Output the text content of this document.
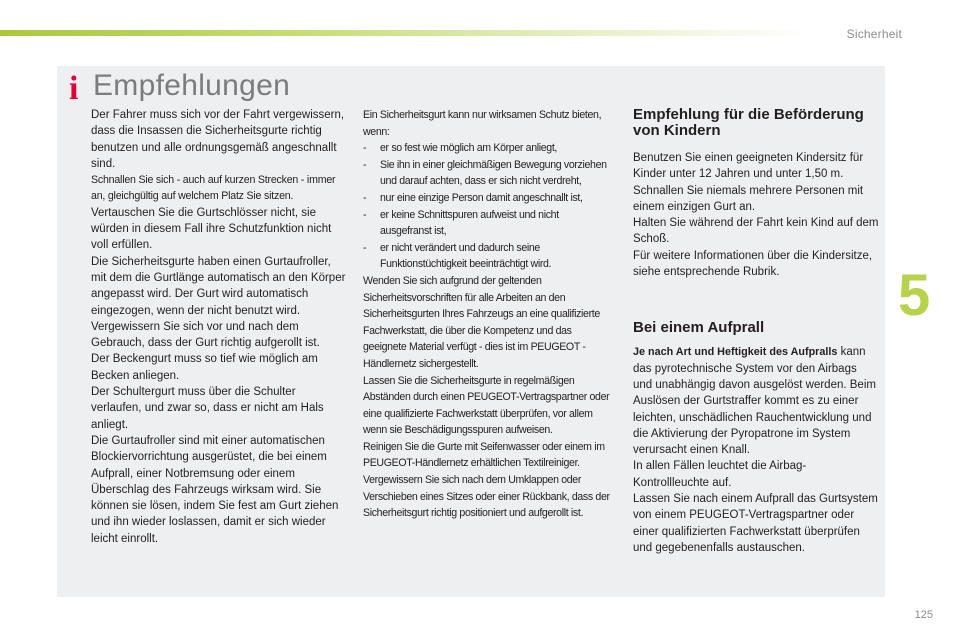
Sicherheit
5
i Empfehlungen

Der Fahrer muss sich vor der Fahrt vergewissern, dass die Insassen die Sicherheitsgurte richtig benutzen und alle ordnungsgemäß angeschnallt sind.

Schnallen Sie sich - auch auf kurzen Strecken - immer an, gleichgültig auf welchem Platz Sie sitzen.

Vertauschen Sie die Gurtschlösser nicht, sie würden in diesem Fall ihre Schutzfunktion nicht voll erfüllen.

Die Sicherheitsgurte haben einen Gurtaufroller, mit dem die Gurtlänge automatisch an den Körper angepasst wird. Der Gurt wird automatisch eingezogen, wenn der nicht benutzt wird.

Vergewissern Sie sich vor und nach dem Gebrauch, dass der Gurt richtig aufgerollt ist.

Der Beckengurt muss so tief wie möglich am Becken anliegen.

Der Schultergurt muss über die Schulter verlaufen, und zwar so, dass er nicht am Hals anliegt.

Die Gurtaufroller sind mit einer automatischen Blockiervorrichtung ausgerüstet, die bei einem Aufprall, einer Notbremsung oder einem Überschlag des Fahrzeugs wirksam wird. Sie können sie lösen, indem Sie fest am Gurt ziehen und ihn wieder loslassen, damit er sich wieder leicht einrollt.

Ein Sicherheitsgurt kann nur wirksamen Schutz bieten, wenn:

- er so fest wie möglich am Körper anliegt,
- Sie ihn in einer gleichmäßigen Bewegung vorziehen und darauf achten, dass er sich nicht verdreht,
- nur eine einzige Person damit angeschnallt ist,
- er keine Schnittspuren aufweist und nicht ausgefranst ist,
- er nicht verändert und dadurch seine Funktionstüchtigkeit beeinträchtigt wird.

Wenden Sie sich aufgrund der geltenden Sicherheitsvorschriften für alle Arbeiten an den Sicherheitsgurten Ihres Fahrzeugs an eine qualifizierte Fachwerkstatt, die über die Kompetenz und das geeignete Material verfügt - dies ist im PEUGEOT -Händlernetz sichergestellt.

Lassen Sie die Sicherheitsgurte in regelmäßigen Abständen durch einen PEUGEOT-Vertragspartner oder eine qualifizierte Fachwerkstatt überprüfen, vor allem wenn sie Beschädigungsspuren aufweisen.

Reinigen Sie die Gurte mit Seifenwasser oder einem im PEUGEOT-Händlernetz erhältlichen Textilreiniger.

Vergewissern Sie sich nach dem Umklappen oder Verschieben eines Sitzes oder einer Rückbank, dass der Sicherheitsgurt richtig positioniert und aufgerollt ist.

Empfehlung für die Beförderung von Kindern

Benutzen Sie einen geeigneten Kindersitz für Kinder unter 12 Jahren und unter 1,50 m.

Schnallen Sie niemals mehrere Personen mit einem einzigen Gurt an.

Halten Sie während der Fahrt kein Kind auf dem Schoß.

Für weitere Informationen über die Kindersitze, siehe entsprechende Rubrik.

Bei einem Aufprall

Je nach Art und Heftigkeit des Aufpralls kann das pyrotechnische System vor den Airbags und unabhängig davon ausgelöst werden. Beim Auslösen der Gurtstraffer kommt es zu einer leichten, unschädlichen Rauchentwicklung und die Aktivierung der Pyropatrone im System verursacht einen Knall.

In allen Fällen leuchtet die Airbag-Kontrollleuchte auf.

Lassen Sie nach einem Aufprall das Gurtsystem von einem PEUGEOT-Vertragspartner oder einer qualifizierten Fachwerkstatt überprüfen und gegebenenfalls austauschen.

125
